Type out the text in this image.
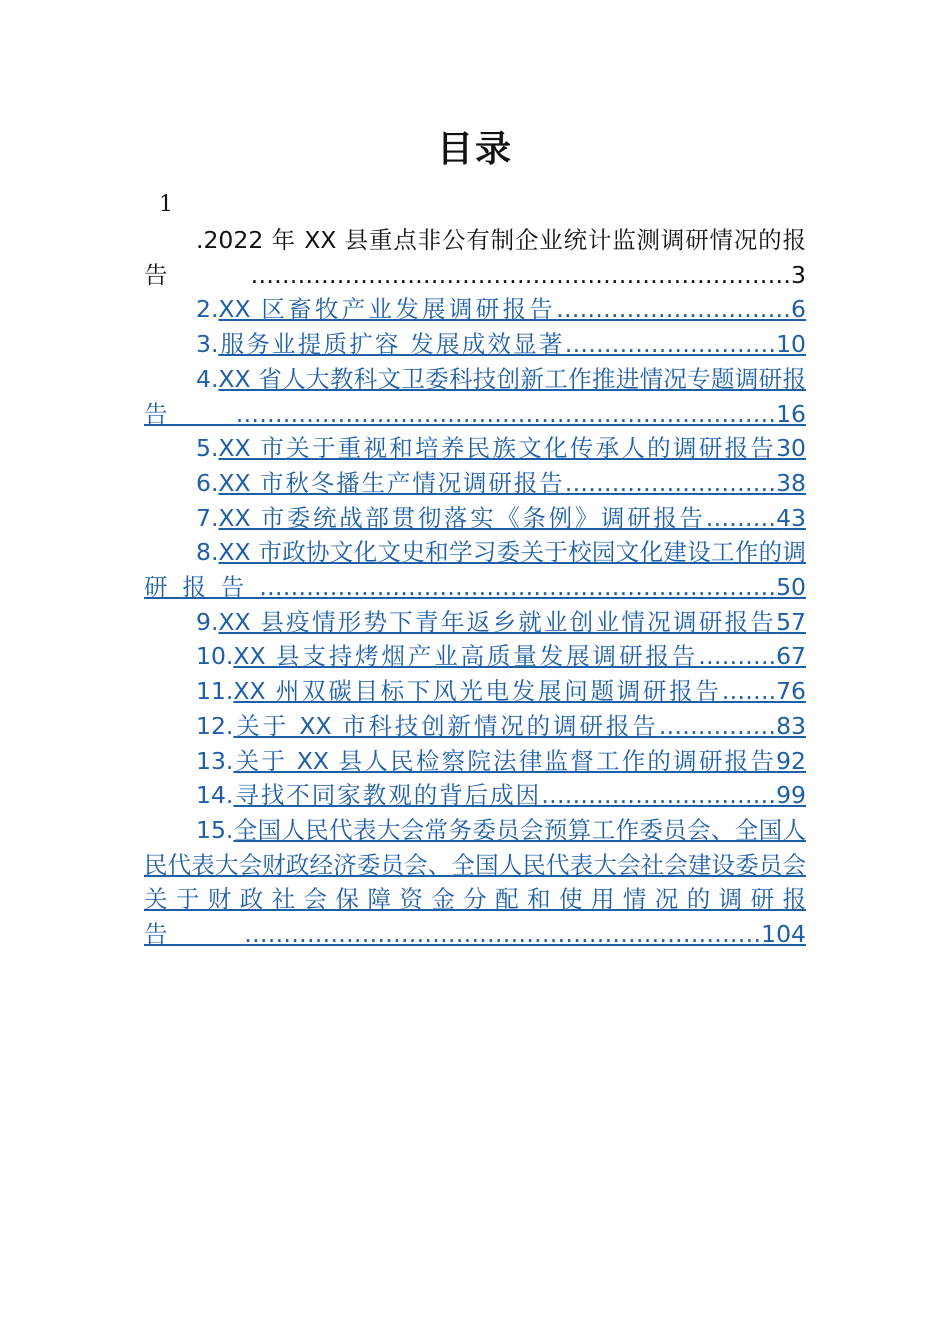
目录
1

.2022 年 XX 县重点非公有制企业统计监测调研情况的报告……………………………………………………………3

2.XX 区畜牧产业发展调研报告…………………………6

3.服务业提质扩容 发展成效显著………………………10

4.XX 省人大教科文卫委科技创新工作推进情况专题调研报告……………………………………………………………16

5.XX 市关于重视和培养民族文化传承人的调研报告30

6.XX 市秋冬播生产情况调研报告………………………38

7.XX 市委统战部贯彻落实《条例》调研报告………43

8.XX 市政协文化文史和学习委关于校园文化建设工作的调研报告…………………………………………………………50

9.XX 县疫情形势下青年返乡就业创业情况调研报告57

10.XX 县支持烤烟产业高质量发展调研报告……….67

11.XX 州双碳目标下风光电发展问题调研报告…….76

12.关于 XX 市科技创新情况的调研报告……………83

13.关于 XX 县人民检察院法律监督工作的调研报告92

14.寻找不同家教观的背后成因…………………………99

15.全国人民代表大会常务委员会预算工作委员会、全国人民代表大会财政经济委员会、全国人民代表大会社会建设委员会关于财政社会保障资金分配和使用情况的调研报告…………………………………………………………104
